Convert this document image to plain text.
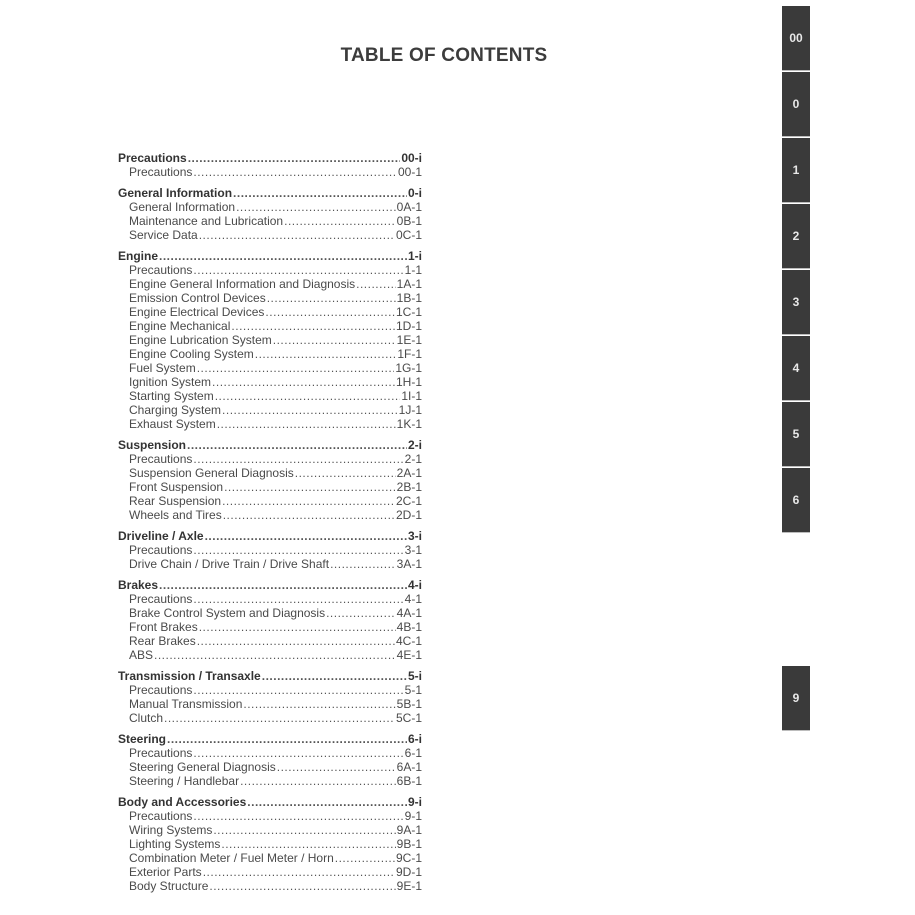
TABLE OF CONTENTS
Precautions .....	00-i
Precautions .....	00-1
General Information .....	0-i
General Information .....	0A-1
Maintenance and Lubrication .....	0B-1
Service Data .....	0C-1
Engine .....	1-i
Precautions .....	1-1
Engine General Information and Diagnosis .....	1A-1
Emission Control Devices .....	1B-1
Engine Electrical Devices .....	1C-1
Engine Mechanical .....	1D-1
Engine Lubrication System .....	1E-1
Engine Cooling System .....	1F-1
Fuel System .....	1G-1
Ignition System .....	1H-1
Starting System .....	1I-1
Charging System .....	1J-1
Exhaust System .....	1K-1
Suspension .....	2-i
Precautions .....	2-1
Suspension General Diagnosis .....	2A-1
Front Suspension .....	2B-1
Rear Suspension .....	2C-1
Wheels and Tires .....	2D-1
Driveline / Axle .....	3-i
Precautions .....	3-1
Drive Chain / Drive Train / Drive Shaft .....	3A-1
Brakes .....	4-i
Precautions .....	4-1
Brake Control System and Diagnosis .....	4A-1
Front Brakes .....	4B-1
Rear Brakes .....	4C-1
ABS .....	4E-1
Transmission / Transaxle .....	5-i
Precautions .....	5-1
Manual Transmission .....	5B-1
Clutch .....	5C-1
Steering .....	6-i
Precautions .....	6-1
Steering General Diagnosis .....	6A-1
Steering / Handlebar .....	6B-1
Body and Accessories .....	9-i
Precautions .....	9-1
Wiring Systems .....	9A-1
Lighting Systems .....	9B-1
Combination Meter / Fuel Meter / Horn .....	9C-1
Exterior Parts .....	9D-1
Body Structure .....	9E-1
00
0
1
2
3
4
5
6
9
